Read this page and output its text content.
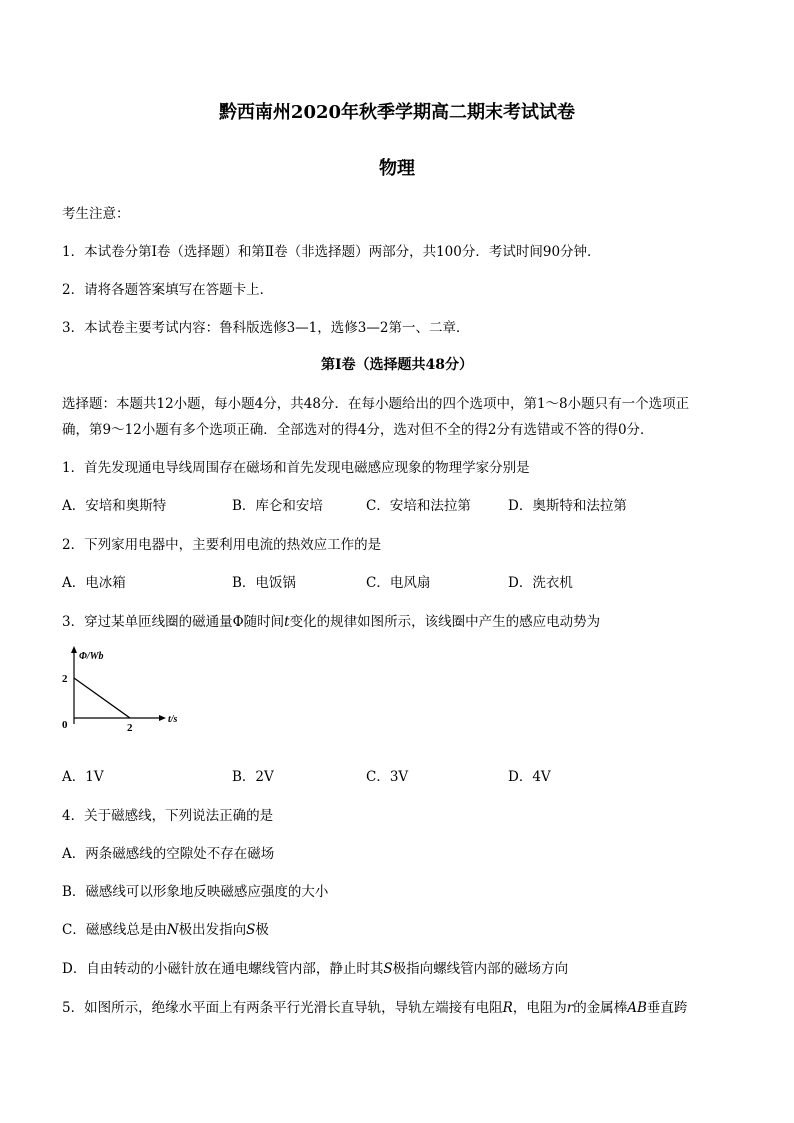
黔西南州2020年秋季学期高二期末考试试卷
物理
考生注意：
1．本试卷分第Ⅰ卷（选择题）和第Ⅱ卷（非选择题）两部分，共100分．考试时间90分钟．
2．请将各题答案填写在答题卡上．
3．本试卷主要考试内容：鲁科版选修3—1，选修3—2第一、二章．
第Ⅰ卷（选择题共48分）
选择题：本题共12小题，每小题4分，共48分．在每小题给出的四个选项中，第1～8小题只有一个选项正
确，第9～12小题有多个选项正确．全部选对的得4分，选对但不全的得2分有选错或不答的得0分．
1．首先发现通电导线周围存在磁场和首先发现电磁感应现象的物理学家分别是
A．安培和奥斯特	B．库仑和安培	C．安培和法拉第	D．奥斯特和法拉第
2．下列家用电器中，主要利用电流的热效应工作的是
A．电冰箱	B．电饭锅	C．电风扇	D．洗衣机
3．穿过某单匝线圈的磁通量Φ随时间t变化的规律如图所示，该线圈中产生的感应电动势为
Φ/Wb
t/s
0
2
2
A．1V	B．2V	C．3V	D．4V
4．关于磁感线，下列说法正确的是
A．两条磁感线的空隙处不存在磁场
B．磁感线可以形象地反映磁感应强度的大小
C．磁感线总是由N极出发指向S极
D．自由转动的小磁针放在通电螺线管内部，静止时其S极指向螺线管内部的磁场方向
5．如图所示，绝缘水平面上有两条平行光滑长直导轨，导轨左端接有电阻R，电阻为r的金属棒AB垂直跨
